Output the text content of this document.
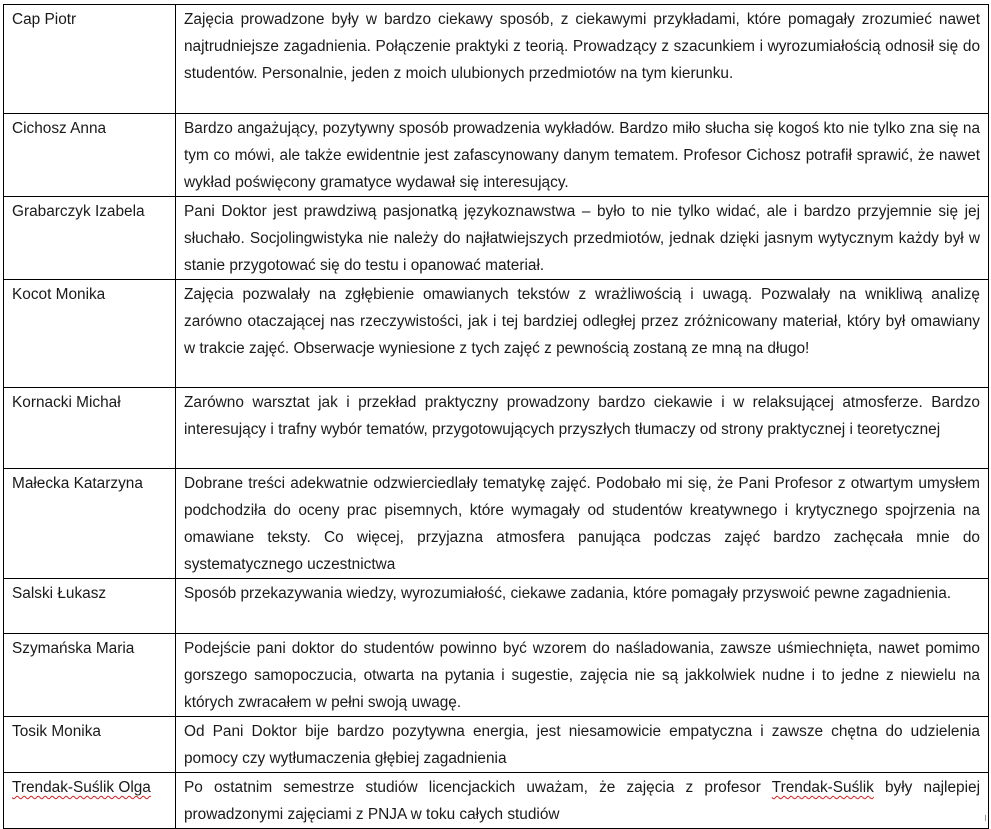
Cap Piotr	Zajęcia prowadzone były w bardzo ciekawy sposób, z ciekawymi przykładami, które pomagały zrozumieć nawet najtrudniejsze zagadnienia. Połączenie praktyki z teorią. Prowadzący z szacunkiem i wyrozumiałością odnosił się do studentów. Personalnie, jeden z moich ulubionych przedmiotów na tym kierunku.
Cichosz Anna	Bardzo angażujący, pozytywny sposób prowadzenia wykładów. Bardzo miło słucha się kogoś kto nie tylko zna się na tym co mówi, ale także ewidentnie jest zafascynowany danym tematem. Profesor Cichosz potrafił sprawić, że nawet wykład poświęcony gramatyce wydawał się interesujący.
Grabarczyk Izabela	Pani Doktor jest prawdziwą pasjonatką językoznawstwa – było to nie tylko widać, ale i bardzo przyjemnie się jej słuchało. Socjolingwistyka nie należy do najłatwiejszych przedmiotów, jednak dzięki jasnym wytycznym każdy był w stanie przygotować się do testu i opanować materiał.
Kocot Monika	Zajęcia pozwalały na zgłębienie omawianych tekstów z wrażliwością i uwagą. Pozwalały na wnikliwą analizę zarówno otaczającej nas rzeczywistości, jak i tej bardziej odległej przez zróżnicowany materiał, który był omawiany w trakcie zajęć. Obserwacje wyniesione z tych zajęć z pewnością zostaną ze mną na długo!
Kornacki Michał	Zarówno warsztat jak i przekład praktyczny prowadzony bardzo ciekawie i w relaksującej atmosferze. Bardzo interesujący i trafny wybór tematów, przygotowujących przyszłych tłumaczy od strony praktycznej i teoretycznej
Małecka Katarzyna	Dobrane treści adekwatnie odzwierciedlały tematykę zajęć. Podobało mi się, że Pani Profesor z otwartym umysłem podchodziła do oceny prac pisemnych, które wymagały od studentów kreatywnego i krytycznego spojrzenia na omawiane teksty. Co więcej, przyjazna atmosfera panująca podczas zajęć bardzo zachęcała mnie do systematycznego uczestnictwa
Salski Łukasz	Sposób przekazywania wiedzy, wyrozumiałość, ciekawe zadania, które pomagały przyswoić pewne zagadnienia.
Szymańska Maria	Podejście pani doktor do studentów powinno być wzorem do naśladowania, zawsze uśmiechnięta, nawet pomimo gorszego samopoczucia, otwarta na pytania i sugestie, zajęcia nie są jakkolwiek nudne i to jedne z niewielu na których zwracałem w pełni swoją uwagę.
Tosik Monika	Od Pani Doktor bije bardzo pozytywna energia, jest niesamowicie empatyczna i zawsze chętna do udzielenia pomocy czy wytłumaczenia głębiej zagadnienia
Trendak-Suślik Olga	Po ostatnim semestrze studiów licencjackich uważam, że zajęcia z profesor Trendak-Suślik były najlepiej prowadzonymi zajęciami z PNJA w toku całych studiów
